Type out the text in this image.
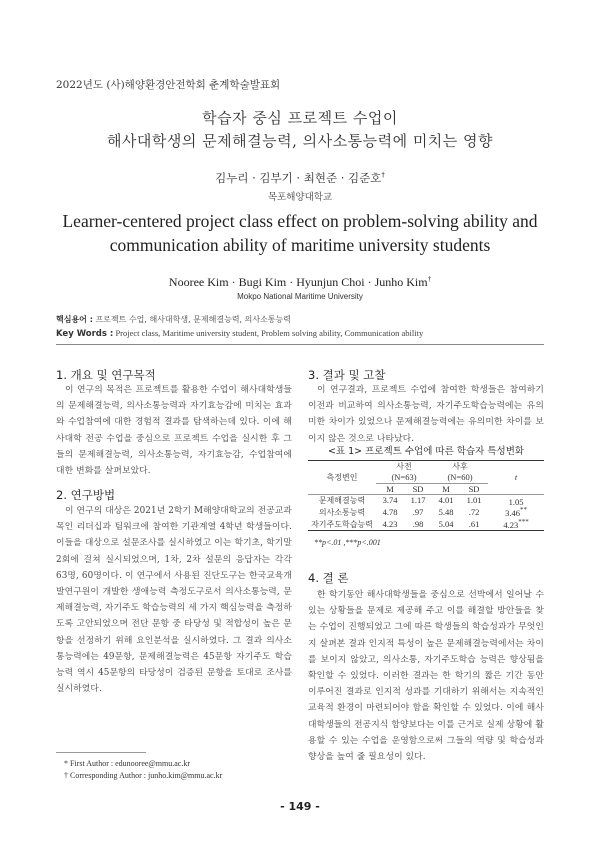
2022년도 (사)해양환경안전학회 춘계학술발표회
학습자 중심 프로젝트 수업이
해사대학생의 문제해결능력, 의사소통능력에 미치는 영향
김누리 · 김부기 · 최현준 · 김준호†
목포해양대학교
Learner-centered project class effect on problem-solving ability and
communication ability of maritime university students
Nooree Kim · Bugi Kim · Hyunjun Choi · Junho Kim†
Mokpo National Maritime University
핵심용어 : 프로젝트 수업, 해사대학생, 문제해결능력, 의사소통능력
Key Words : Project class, Maritime university student, Problem solving ability, Communication ability
1. 개요 및 연구목적
이 연구의 목적은 프로젝트를 활용한 수업이 해사대학생들의 문제해결능력, 의사소통능력과 자기효능감에 미치는 효과와 수업참여에 대한 경험적 결과를 탐색하는데 있다. 이에 해사대학 전공 수업을 중심으로 프로젝트 수업을 실시한 후 그들의 문제해결능력, 의사소통능력, 자기효능감, 수업참여에 대한 변화를 살펴보았다.
2. 연구방법
이 연구의 대상은 2021년 2학기 M해양대학교의 전공교과목인 리더십과 팀워크에 참여한 기관계열 4학년 학생들이다. 이들을 대상으로 설문조사를 실시하였고 이는 학기초, 학기말 2회에 걸쳐 실시되었으며, 1차, 2차 설문의 응답자는 각각 63명, 60명이다. 이 연구에서 사용된 진단도구는 한국교육개발연구원이 개발한 생애능력 측정도구로서 의사소통능력, 문제해결능력, 자기주도 학습능력의 세 가지 핵심능력을 측정하도록 고안되었으며 전단 문항 중 타당성 및 적합성이 높은 문항을 선정하기 위해 요인분석을 실시하였다. 그 결과 의사소통능력에는 49문항, 문제해결능력은 45문항 자기주도 학습능력 역시 45문항의 타당성이 검증된 문항을 토대로 조사를 실시하였다.
* First Author : edunooree@mmu.ac.kr
† Corresponding Author : junho.kim@mmu.ac.kr
3. 결과 및 고찰
이 연구결과, 프로젝트 수업에 참여한 학생들은 참여하기 이전과 비교하여 의사소통능력, 자기주도학습능력에는 유의미한 차이가 있었으나 문제해결능력에는 유의미한 차이를 보이지 않은 것으로 나타났다.
<표 1> 프로젝트 수업에 따른 학습자 특성변화
측정변인	사전		사후		t
	(N=63)		(N=60)		
	M	SD	M	SD	
문제해결능력	3.74	1.17	4.01	1.01	1.05
의사소통능력	4.78	.97	5.48	.72	3.46**
자기주도학습능력	4.23	.98	5.04	.61	4.23***
**p<.01 ,***p<.001
4. 결 론
한 학기동안 해사대학생들을 중심으로 선박에서 일어날 수 있는 상황들을 문제로 제공해 주고 이를 해결할 방안들을 찾는 수업이 진행되었고 그에 따른 학생들의 학습성과가 무엇인지 살펴본 결과 인지적 특성이 높은 문제해결능력에서는 차이를 보이지 않았고, 의사소통, 자기주도학습 능력은 향상됨을 확인할 수 있었다. 이러한 결과는 한 학기의 짧은 기간 동안 이루어진 결과로 인지적 성과를 기대하기 위해서는 지속적인 교육적 환경이 마련되어야 함을 확인할 수 있었다. 이에 해사대학생들의 전공지식 함양보다는 이를 근거로 실제 상황에 활용할 수 있는 수업을 운영함으로써 그들의 역량 및 학습성과 향상을 높여 줄 필요성이 있다.
- 149 -
